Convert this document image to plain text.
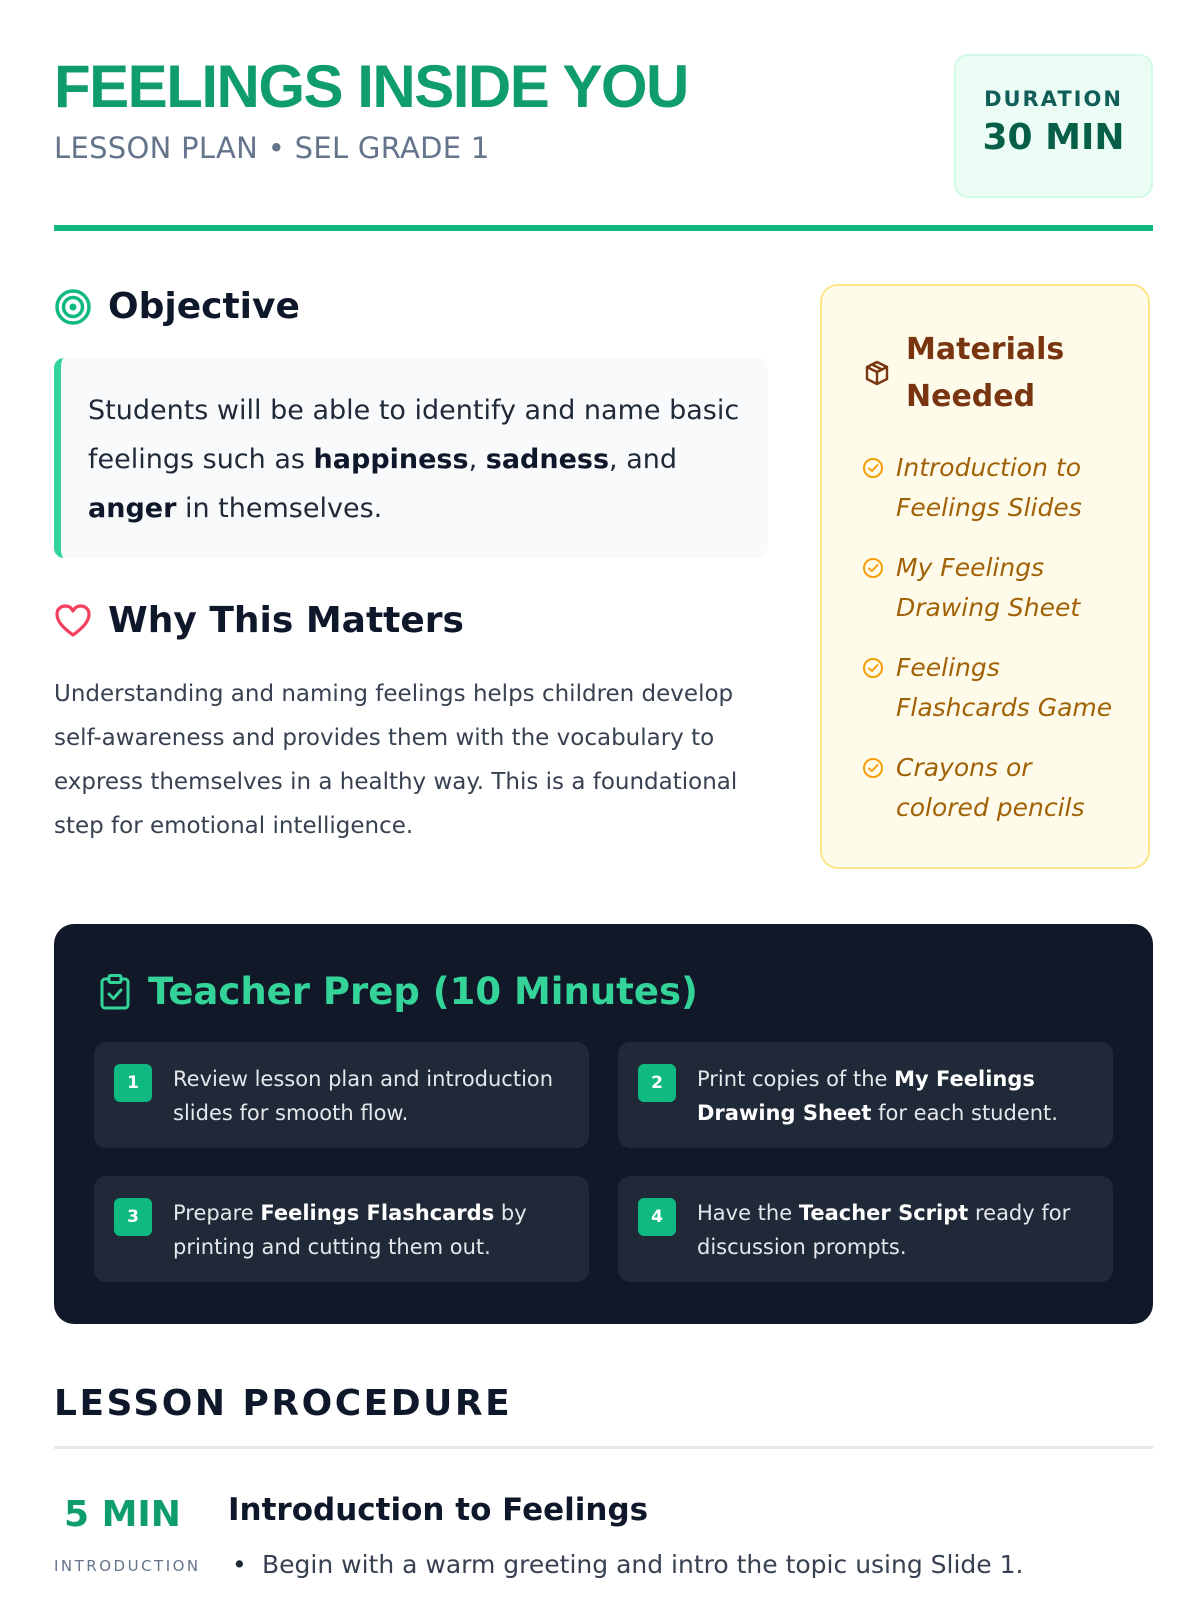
FEELINGS INSIDE YOU
LESSON PLAN • SEL GRADE 1
DURATION
30 MIN
Objective
Students will be able to identify and name basic feelings such as happiness, sadness, and anger in themselves.
Why This Matters
Understanding and naming feelings helps children develop self-awareness and provides them with the vocabulary to express themselves in a healthy way. This is a foundational step for emotional intelligence.
Materials Needed
Introduction to Feelings Slides
My Feelings Drawing Sheet
Feelings Flashcards Game
Crayons or colored pencils
Teacher Prep (10 Minutes)
1	Review lesson plan and introduction slides for smooth flow.
2	Print copies of the My Feelings Drawing Sheet for each student.
3	Prepare Feelings Flashcards by printing and cutting them out.
4	Have the Teacher Script ready for discussion prompts.
LESSON PROCEDURE
5 MIN
INTRODUCTION
Introduction to Feelings
• Begin with a warm greeting and intro the topic using Slide 1.
